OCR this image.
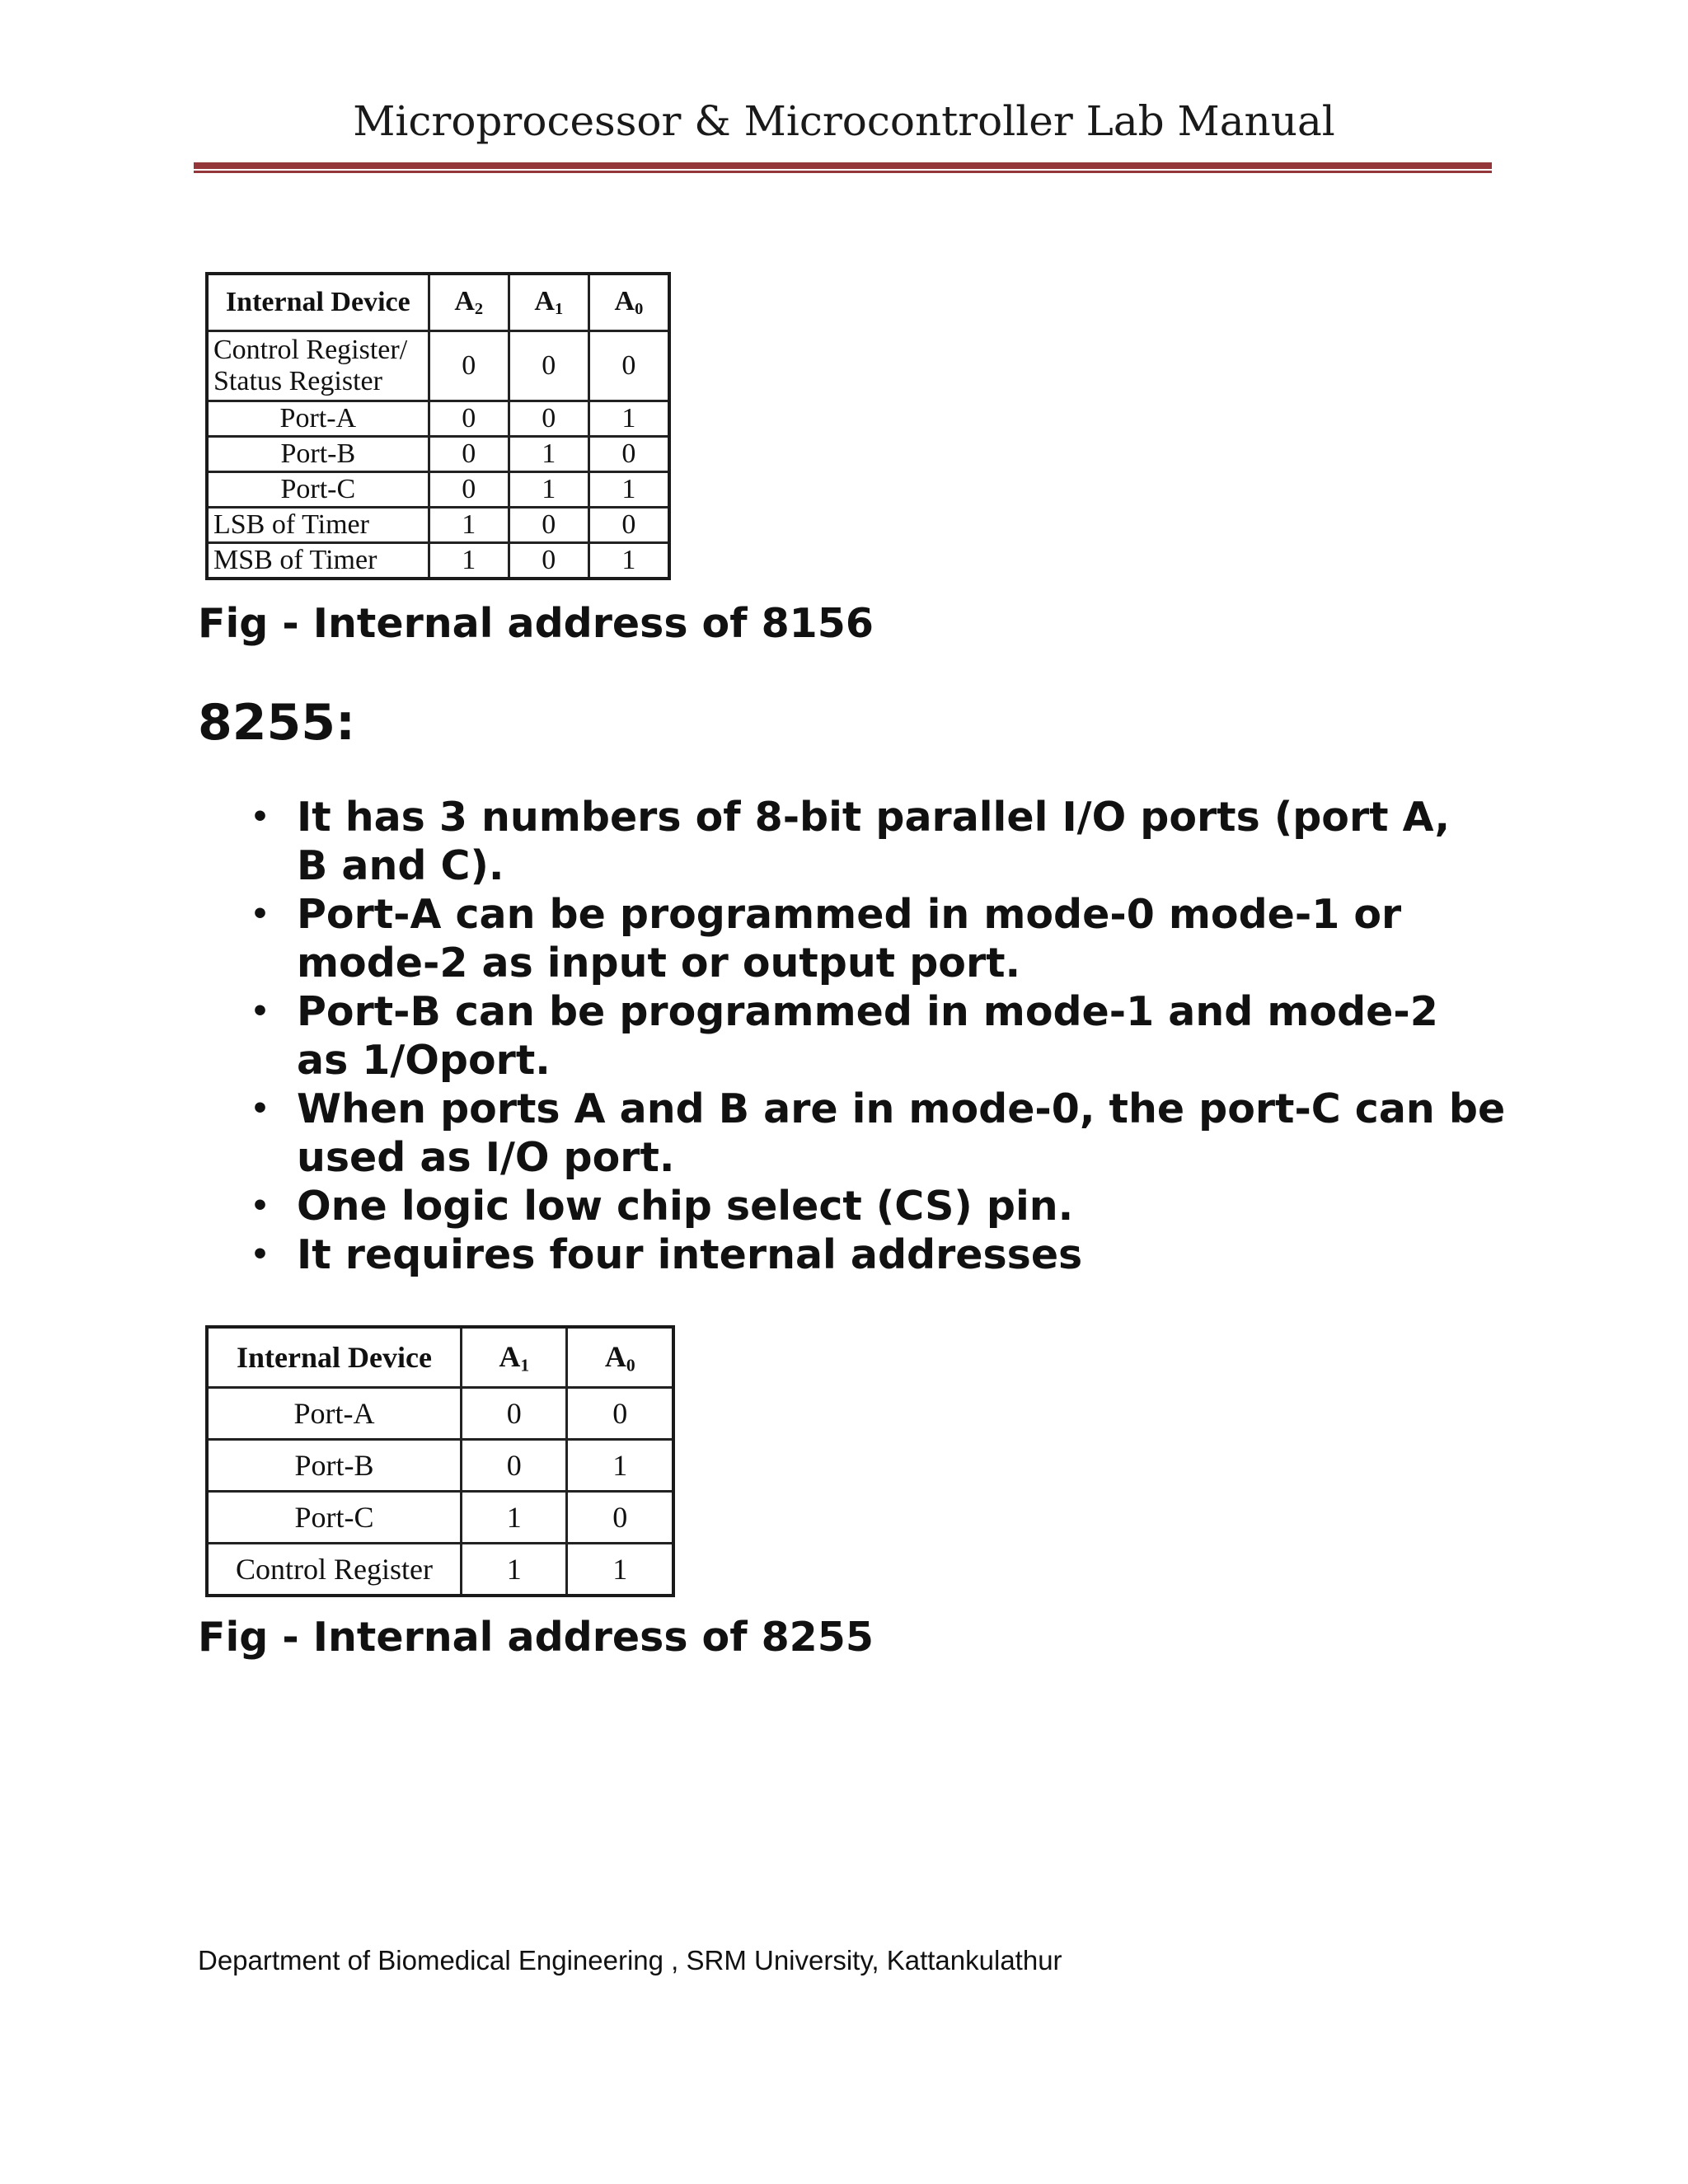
Microprocessor & Microcontroller Lab Manual
Internal Device	$A_2$	$A_1$	$A_0$

Control Register/
Status Register	0	0	0
Port-A	0	0	1
Port-B	0	1	0
Port-C	0	1	1
LSB of Timer	1	0	0
MSB of Timer	1	0	1
Fig - Internal address of 8156
8255:
• It has 3 numbers of 8-bit parallel I/O ports (port A,
B and C).
• Port-A can be programmed in mode-0 mode-1 or
mode-2 as input or output port.
• Port-B can be programmed in mode-1 and mode-2
as 1/Oport.
• When ports A and B are in mode-0, the port-C can be
used as I/O port.
• One logic low chip select (CS) pin.
• It requires four internal addresses
Internal Device	$A_1$	$A_0$
Port-A	0	0
Port-B	0	1
Port-C	1	0
Control Register	1	1
Fig - Internal address of 8255
Department of Biomedical Engineering , SRM University, Kattankulathur
